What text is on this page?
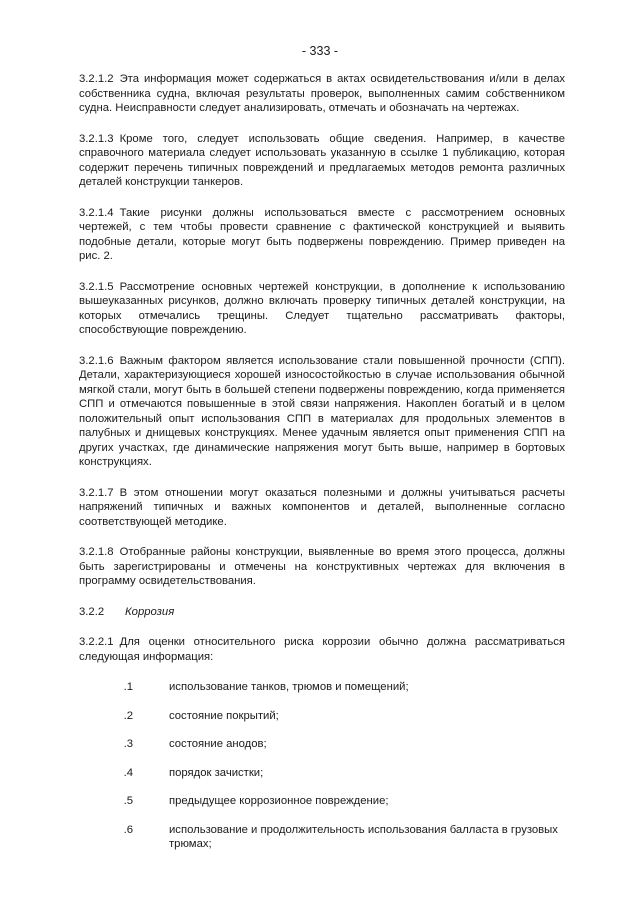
- 333 -

3.2.1.2 Эта информация может содержаться в актах освидетельствования и/или в делах собственника судна, включая результаты проверок, выполненных самим собственником судна. Неисправности следует анализировать, отмечать и обозначать на чертежах.

3.2.1.3 Кроме того, следует использовать общие сведения. Например, в качестве справочного материала следует использовать указанную в ссылке 1 публикацию, которая содержит перечень типичных повреждений и предлагаемых методов ремонта различных деталей конструкции танкеров.

3.2.1.4 Такие рисунки должны использоваться вместе с рассмотрением основных чертежей, с тем чтобы провести сравнение с фактической конструкцией и выявить подобные детали, которые могут быть подвержены повреждению. Пример приведен на рис. 2.

3.2.1.5 Рассмотрение основных чертежей конструкции, в дополнение к использованию вышеуказанных рисунков, должно включать проверку типичных деталей конструкции, на которых отмечались трещины. Следует тщательно рассматривать факторы, способствующие повреждению.

3.2.1.6 Важным фактором является использование стали повышенной прочности (СПП). Детали, характеризующиеся хорошей износостойкостью в случае использования обычной мягкой стали, могут быть в большей степени подвержены повреждению, когда применяется СПП и отмечаются повышенные в этой связи напряжения. Накоплен богатый и в целом положительный опыт использования СПП в материалах для продольных элементов в палубных и днищевых конструкциях. Менее удачным является опыт применения СПП на других участках, где динамические напряжения могут быть выше, например в бортовых конструкциях.

3.2.1.7 В этом отношении могут оказаться полезными и должны учитываться расчеты напряжений типичных и важных компонентов и деталей, выполненные согласно соответствующей методике.

3.2.1.8 Отобранные районы конструкции, выявленные во время этого процесса, должны быть зарегистрированы и отмечены на конструктивных чертежах для включения в программу освидетельствования.

3.2.2	Коррозия

3.2.2.1 Для оценки относительного риска коррозии обычно должна рассматриваться следующая информация:

.1	использование танков, трюмов и помещений;
.2	состояние покрытий;
.3	состояние анодов;
.4	порядок зачистки;
.5	предыдущее коррозионное повреждение;
.6	использование и продолжительность использования балласта в грузовых трюмах;
